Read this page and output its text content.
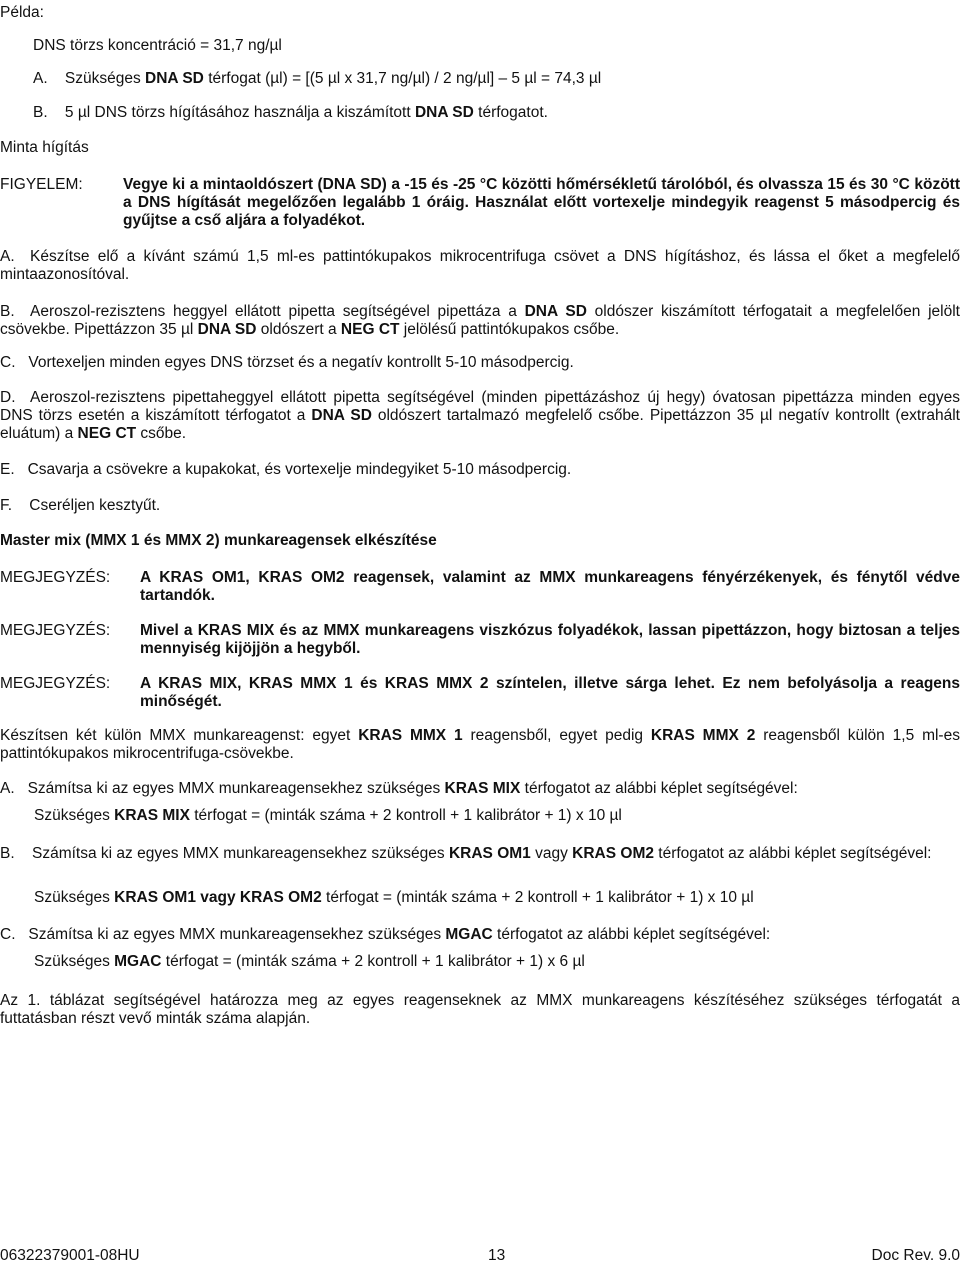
Példa:
DNS törzs koncentráció = 31,7 ng/µl
A. Szükséges DNA SD térfogat (µl) = [(5 µl x 31,7 ng/µl) / 2 ng/µl] – 5 µl = 74,3 µl
B. 5 µl DNS törzs hígításához használja a kiszámított DNA SD térfogatot.
Minta hígítás
FIGYELEM:	Vegye ki a mintaoldószert (DNA SD) a -15 és -25 °C közötti hőmérsékletű tárolóból, és olvassza 15 és 30 °C között a DNS hígítását megelőzően legalább 1 óráig. Használat előtt vortexelje mindegyik reagenst 5 másodpercig és gyűjtse a cső aljára a folyadékot.

A. Készítse elő a kívánt számú 1,5 ml-es pattintókupakos mikrocentrifuga csövet a DNS hígításhoz, és lássa el őket a megfelelő mintaazonosítóval.

B. Aeroszol-rezisztens heggyel ellátott pipetta segítségével pipettáza a DNA SD oldószer kiszámított térfogatait a megfelelően jelölt csövekbe. Pipettázzon 35 µl DNA SD oldószert a NEG CT jelölésű pattintókupakos csőbe.

C. Vortexeljen minden egyes DNS törzset és a negatív kontrollt 5-10 másodpercig.
D. Aeroszol-rezisztens pipettaheggyel ellátott pipetta segítségével (minden pipettázáshoz új hegy) óvatosan pipettázza minden egyes DNS törzs esetén a kiszámított térfogatot a DNA SD oldószert tartalmazó megfelelő csőbe. Pipettázzon 35 µl negatív kontrollt (extrahált eluátum) a NEG CT csőbe.

E. Csavarja a csövekre a kupakokat, és vortexelje mindegyiket 5-10 másodpercig.
F. Cseréljen kesztyűt.
Master mix (MMX 1 és MMX 2) munkareagensek elkészítése
MEGJEGYZÉS: A KRAS OM1, KRAS OM2 reagensek, valamint az MMX munkareagens fényérzékenyek, és fénytől védve tartandók.

MEGJEGYZÉS: Mivel a KRAS MIX és az MMX munkareagens viszkózus folyadékok, lassan pipettázzon, hogy biztosan a teljes mennyiség kijöjjön a hegyből.

MEGJEGYZÉS: A KRAS MIX, KRAS MMX 1 és KRAS MMX 2 színtelen, illetve sárga lehet. Ez nem befolyásolja a reagens minőségét.

Készítsen két külön MMX munkareagenst: egyet KRAS MMX 1 reagensből, egyet pedig KRAS MMX 2 reagensből külön 1,5 ml-es pattintókupakos mikrocentrifuga-csövekbe.

A. Számítsa ki az egyes MMX munkareagensekhez szükséges KRAS MIX térfogatot az alábbi képlet segítségével:
Szükséges KRAS MIX térfogat = (minták száma + 2 kontroll + 1 kalibrátor + 1) x 10 µl
B.	Számítsa ki az egyes MMX munkareagensekhez szükséges KRAS OM1 vagy KRAS OM2 térfogatot az alábbi képlet segítségével:

Szükséges KRAS OM1 vagy KRAS OM2 térfogat = (minták száma + 2 kontroll + 1 kalibrátor + 1) x 10 µl
C. Számítsa ki az egyes MMX munkareagensekhez szükséges MGAC térfogatot az alábbi képlet segítségével:
Szükséges MGAC térfogat = (minták száma + 2 kontroll + 1 kalibrátor + 1) x 6 µl

Az 1. táblázat segítségével határozza meg az egyes reagenseknek az MMX munkareagens készítéséhez szükséges térfogatát a futtatásban részt vevő minták száma alapján.

06322379001-08HU	13	Doc Rev. 9.0
